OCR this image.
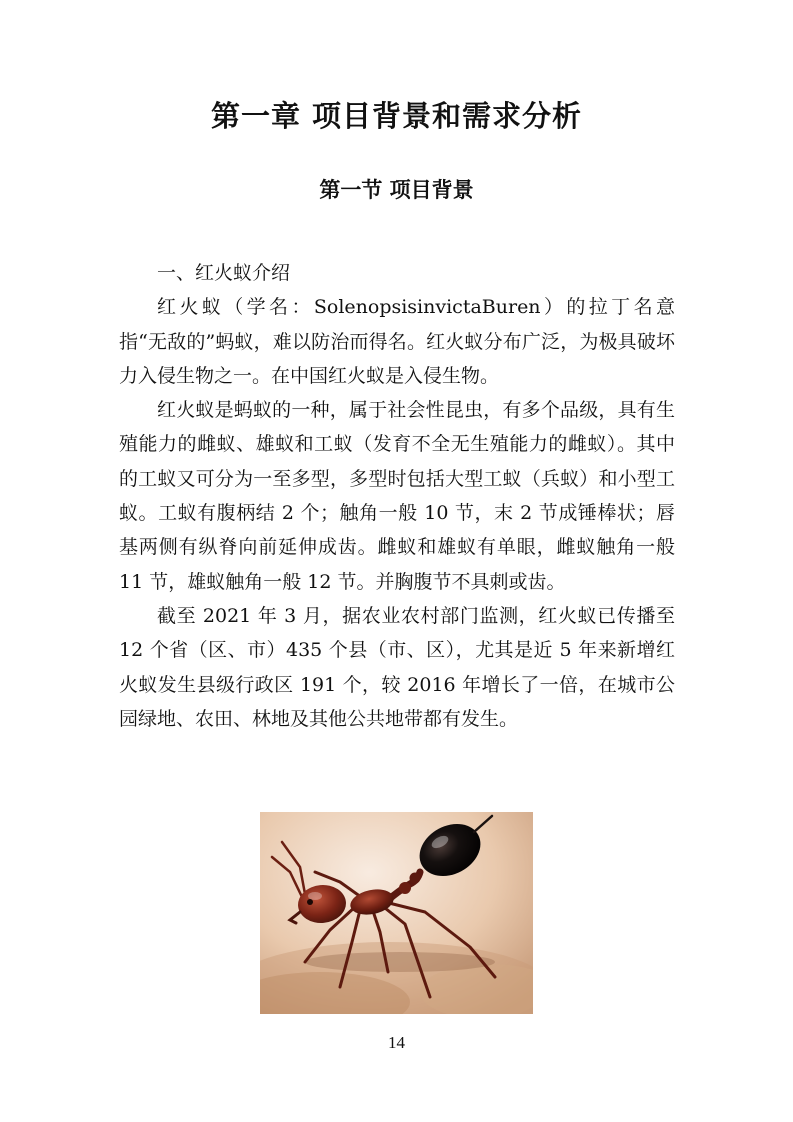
第一章 项目背景和需求分析
第一节 项目背景

一、红火蚁介绍

红火蚁（学名：SolenopsisinvictaBuren）的拉丁名意指“无敌的”蚂蚁，难以防治而得名。红火蚁分布广泛，为极具破坏力入侵生物之一。在中国红火蚁是入侵生物。

红火蚁是蚂蚁的一种，属于社会性昆虫，有多个品级，具有生殖能力的雌蚁、雄蚁和工蚁（发育不全无生殖能力的雌蚁）。其中的工蚁又可分为一至多型，多型时包括大型工蚁（兵蚁）和小型工蚁。工蚁有腹柄结 2 个；触角一般 10 节，末 2 节成锤棒状；唇基两侧有纵脊向前延伸成齿。雌蚁和雄蚁有单眼，雌蚁触角一般 11 节，雄蚁触角一般 12 节。并胸腹节不具刺或齿。

截至 2021 年 3 月，据农业农村部门监测，红火蚁已传播至 12 个省（区、市）435 个县（市、区），尤其是近 5 年来新增红火蚁发生县级行政区 191 个，较 2016 年增长了一倍，在城市公园绿地、农田、林地及其他公共地带都有发生。

14
